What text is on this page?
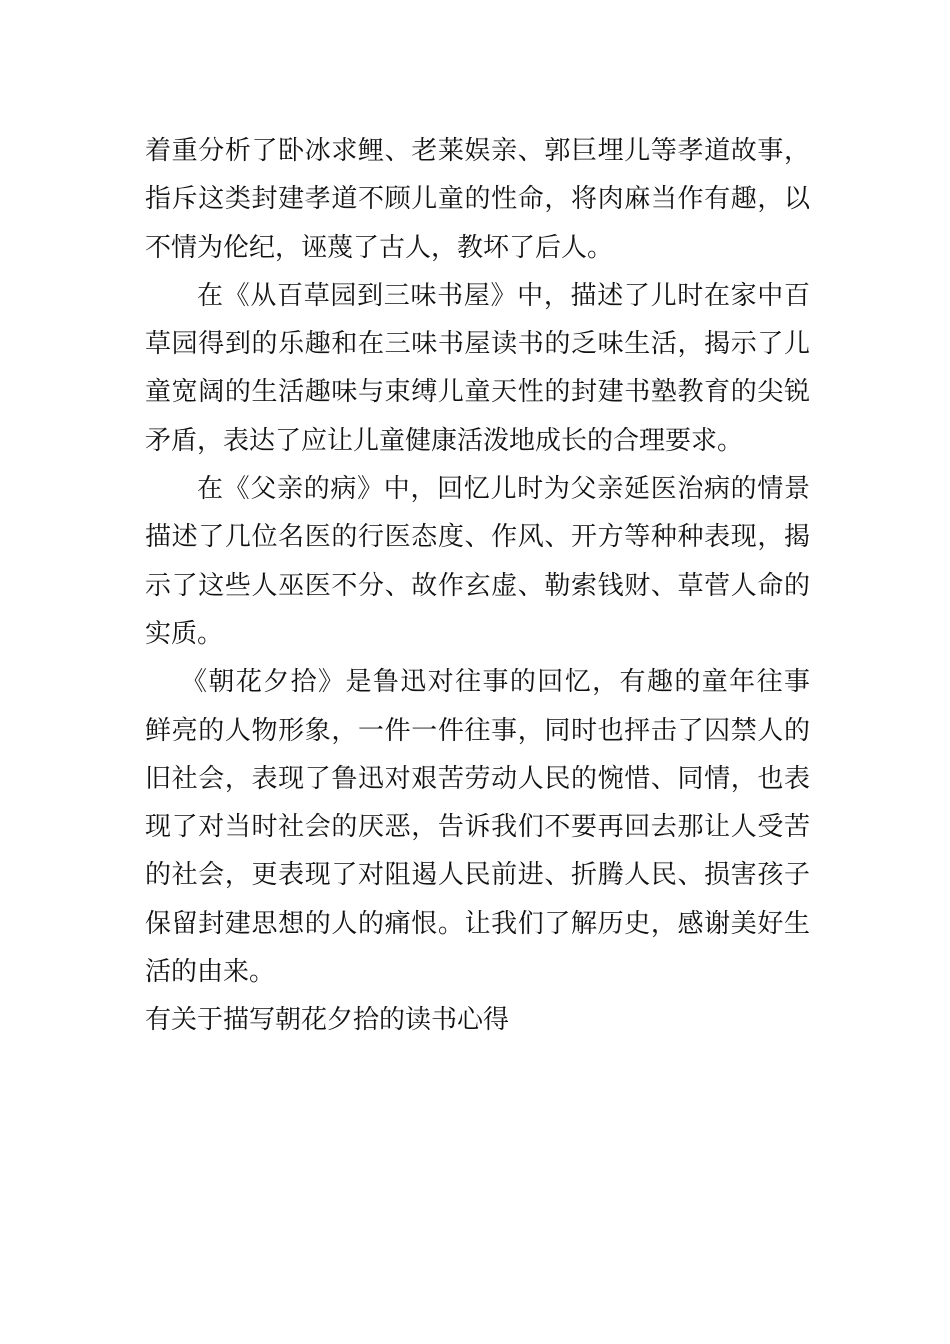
着重分析了卧冰求鲤、老莱娱亲、郭巨埋儿等孝道故事，
指斥这类封建孝道不顾儿童的性命，将肉麻当作有趣，以
不情为伦纪，诬蔑了古人，教坏了后人。
在《从百草园到三味书屋》中，描述了儿时在家中百
草园得到的乐趣和在三味书屋读书的乏味生活，揭示了儿
童宽阔的生活趣味与束缚儿童天性的封建书塾教育的尖锐
矛盾，表达了应让儿童健康活泼地成长的合理要求。
在《父亲的病》中，回忆儿时为父亲延医治病的情景
描述了几位名医的行医态度、作风、开方等种种表现，揭
示了这些人巫医不分、故作玄虚、勒索钱财、草菅人命的
实质。
《朝花夕拾》是鲁迅对往事的回忆，有趣的童年往事
鲜亮的人物形象，一件一件往事，同时也抨击了囚禁人的
旧社会，表现了鲁迅对艰苦劳动人民的惋惜、同情，也表
现了对当时社会的厌恶，告诉我们不要再回去那让人受苦
的社会，更表现了对阻遏人民前进、折腾人民、损害孩子
保留封建思想的人的痛恨。让我们了解历史，感谢美好生
活的由来。
有关于描写朝花夕拾的读书心得
